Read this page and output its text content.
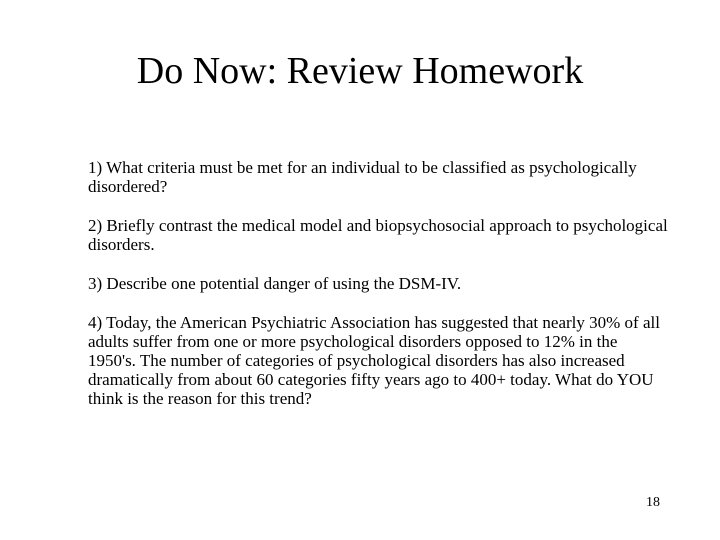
Do Now: Review Homework
1) What criteria must be met for an individual to be classified as psychologically disordered?
2) Briefly contrast the medical model and biopsychosocial approach to psychological disorders.
3) Describe one potential danger of using the DSM-IV.
4) Today, the American Psychiatric Association has suggested that nearly 30% of all adults suffer from one or more psychological disorders opposed to 12% in the 1950's. The number of categories of psychological disorders has also increased dramatically from about 60 categories fifty years ago to 400+ today. What do YOU think is the reason for this trend?
18
